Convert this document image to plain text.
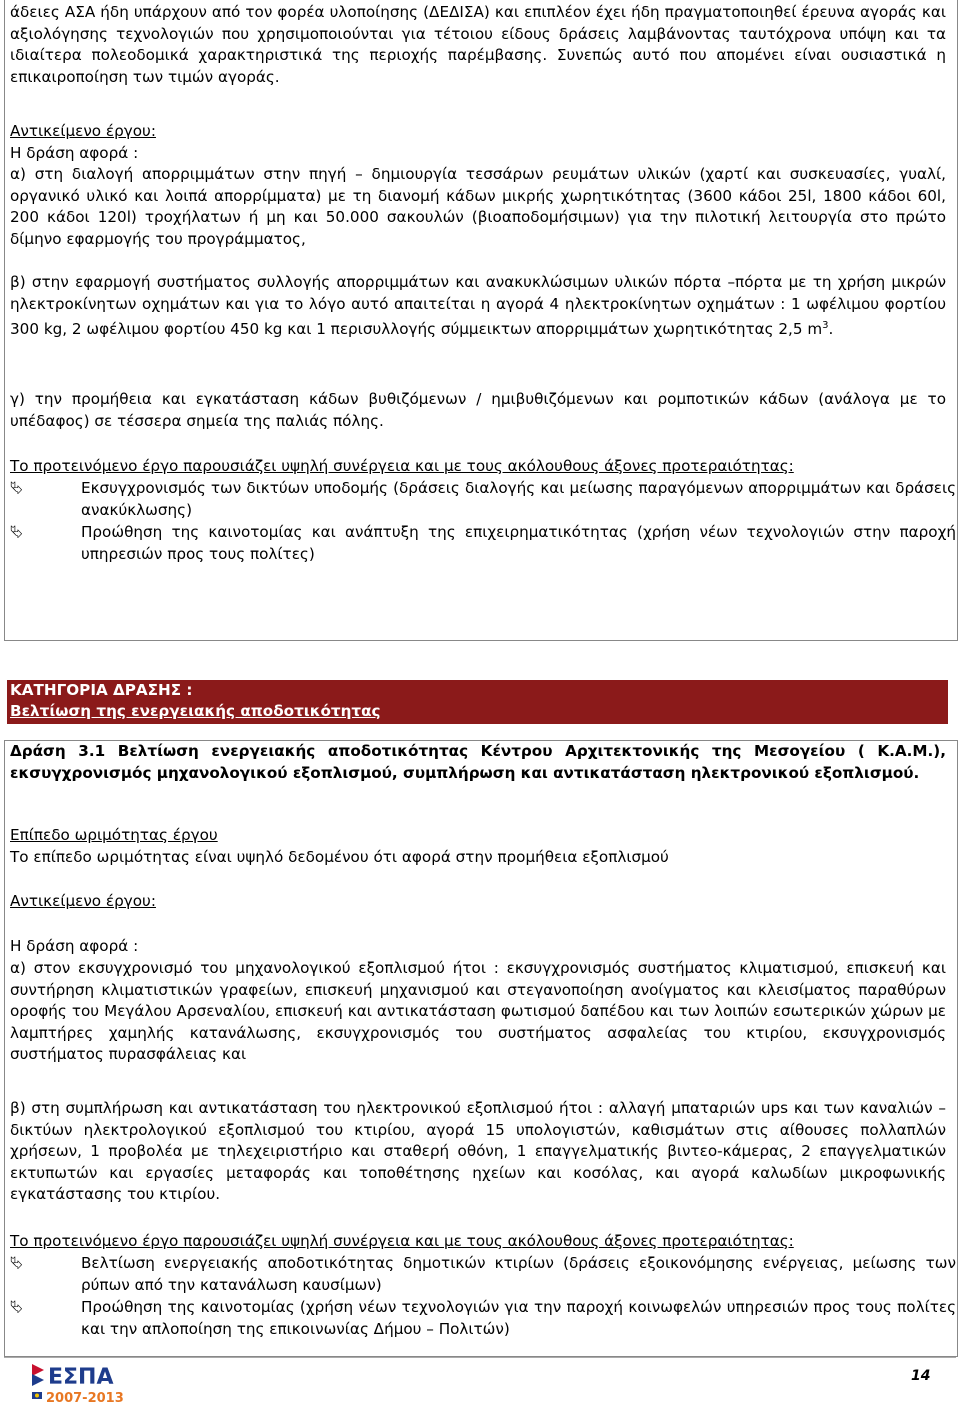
άδειες ΑΣΑ ήδη υπάρχουν από τον φορέα υλοποίησης (ΔΕΔΙΣΑ) και επιπλέον έχει ήδη πραγματοποιηθεί έρευνα αγοράς και αξιολόγησης τεχνολογιών που χρησιμοποιούνται για τέτοιου είδους δράσεις λαμβάνοντας ταυτόχρονα υπόψη και τα ιδιαίτερα πολεοδομικά χαρακτηριστικά της περιοχής παρέμβασης. Συνεπώς αυτό που απομένει είναι ουσιαστικά η επικαιροποίηση των τιμών αγοράς.
Αντικείμενο έργου:
Η δράση αφορά :
α) στη διαλογή απορριμμάτων στην πηγή – δημιουργία τεσσάρων ρευμάτων υλικών (χαρτί και συσκευασίες, γυαλί, οργανικό υλικό και λοιπά απορρίμματα) με τη διανομή κάδων μικρής χωρητικότητας (3600 κάδοι 25l, 1800 κάδοι 60l, 200 κάδοι 120l) τροχήλατων ή μη και 50.000 σακουλών (βιοαποδομήσιμων) για την πιλοτική λειτουργία στο πρώτο δίμηνο εφαρμογής του προγράμματος,
β) στην εφαρμογή συστήματος συλλογής απορριμμάτων και ανακυκλώσιμων υλικών πόρτα –πόρτα με τη χρήση μικρών ηλεκτροκίνητων οχημάτων και για το λόγο αυτό απαιτείται η αγορά 4 ηλεκτροκίνητων οχημάτων : 1 ωφέλιμου φορτίου 300 kg, 2 ωφέλιμου φορτίου 450 kg και 1 περισυλλογής σύμμεικτων απορριμμάτων χωρητικότητας 2,5 $m^3$.
γ) την προμήθεια και εγκατάσταση κάδων βυθιζόμενων / ημιβυθιζόμενων και ρομποτικών κάδων (ανάλογα με το υπέδαφος) σε τέσσερα σημεία της παλιάς πόλης.
Το προτεινόμενο έργο παρουσιάζει υψηλή συνέργεια και με τους ακόλουθους άξονες προτεραιότητας:
⮱	Εκσυγχρονισμός των δικτύων υποδομής (δράσεις διαλογής και μείωσης παραγόμενων απορριμμάτων και δράσεις ανακύκλωσης)
⮱	Προώθηση της καινοτομίας και ανάπτυξη της επιχειρηματικότητας (χρήση νέων τεχνολογιών στην παροχή υπηρεσιών προς τους πολίτες)
ΚΑΤΗΓΟΡΙΑ ΔΡΑΣΗΣ :
Βελτίωση της ενεργειακής αποδοτικότητας
Δράση 3.1 Βελτίωση ενεργειακής αποδοτικότητας Κέντρου Αρχιτεκτονικής της Μεσογείου ( Κ.Α.Μ.), εκσυγχρονισμός μηχανολογικού εξοπλισμού, συμπλήρωση και αντικατάσταση ηλεκτρονικού εξοπλισμού.
Επίπεδο ωριμότητας έργου
Το επίπεδο ωριμότητας είναι υψηλό δεδομένου ότι αφορά στην προμήθεια εξοπλισμού
Αντικείμενο έργου:
Η δράση αφορά :
α) στον εκσυγχρονισμό του μηχανολογικού εξοπλισμού ήτοι : εκσυγχρονισμός συστήματος κλιματισμού, επισκευή και συντήρηση κλιματιστικών γραφείων, επισκευή μηχανισμού και στεγανοποίηση ανοίγματος και κλεισίματος παραθύρων οροφής του Μεγάλου Αρσεναλίου, επισκευή και αντικατάσταση φωτισμού δαπέδου και των λοιπών εσωτερικών χώρων με λαμπτήρες χαμηλής κατανάλωσης, εκσυγχρονισμός του συστήματος ασφαλείας του κτιρίου, εκσυγχρονισμός συστήματος πυρασφάλειας και
β) στη συμπλήρωση και αντικατάσταση του ηλεκτρονικού εξοπλισμού ήτοι : αλλαγή μπαταριών ups και των καναλιών – δικτύων ηλεκτρολογικού εξοπλισμού του κτιρίου, αγορά 15 υπολογιστών, καθισμάτων στις αίθουσες πολλαπλών χρήσεων, 1 προβολέα με τηλεχειριστήριο και σταθερή οθόνη, 1 επαγγελματικής βιντεο-κάμερας, 2 επαγγελματικών εκτυπωτών και εργασίες μεταφοράς και τοποθέτησης ηχείων και κοσόλας, και αγορά καλωδίων μικροφωνικής εγκατάστασης του κτιρίου.
Το προτεινόμενο έργο παρουσιάζει υψηλή συνέργεια και με τους ακόλουθους άξονες προτεραιότητας:
⮱	Βελτίωση ενεργειακής αποδοτικότητας δημοτικών κτιρίων (δράσεις εξοικονόμησης ενέργειας, μείωσης των ρύπων από την κατανάλωση καυσίμων)
⮱	Προώθηση της καινοτομίας (χρήση νέων τεχνολογιών για την παροχή κοινωφελών υπηρεσιών προς τους πολίτες και την απλοποίηση της επικοινωνίας Δήμου – Πολιτών)
ΕΣΠΑ
2007-2013
14
